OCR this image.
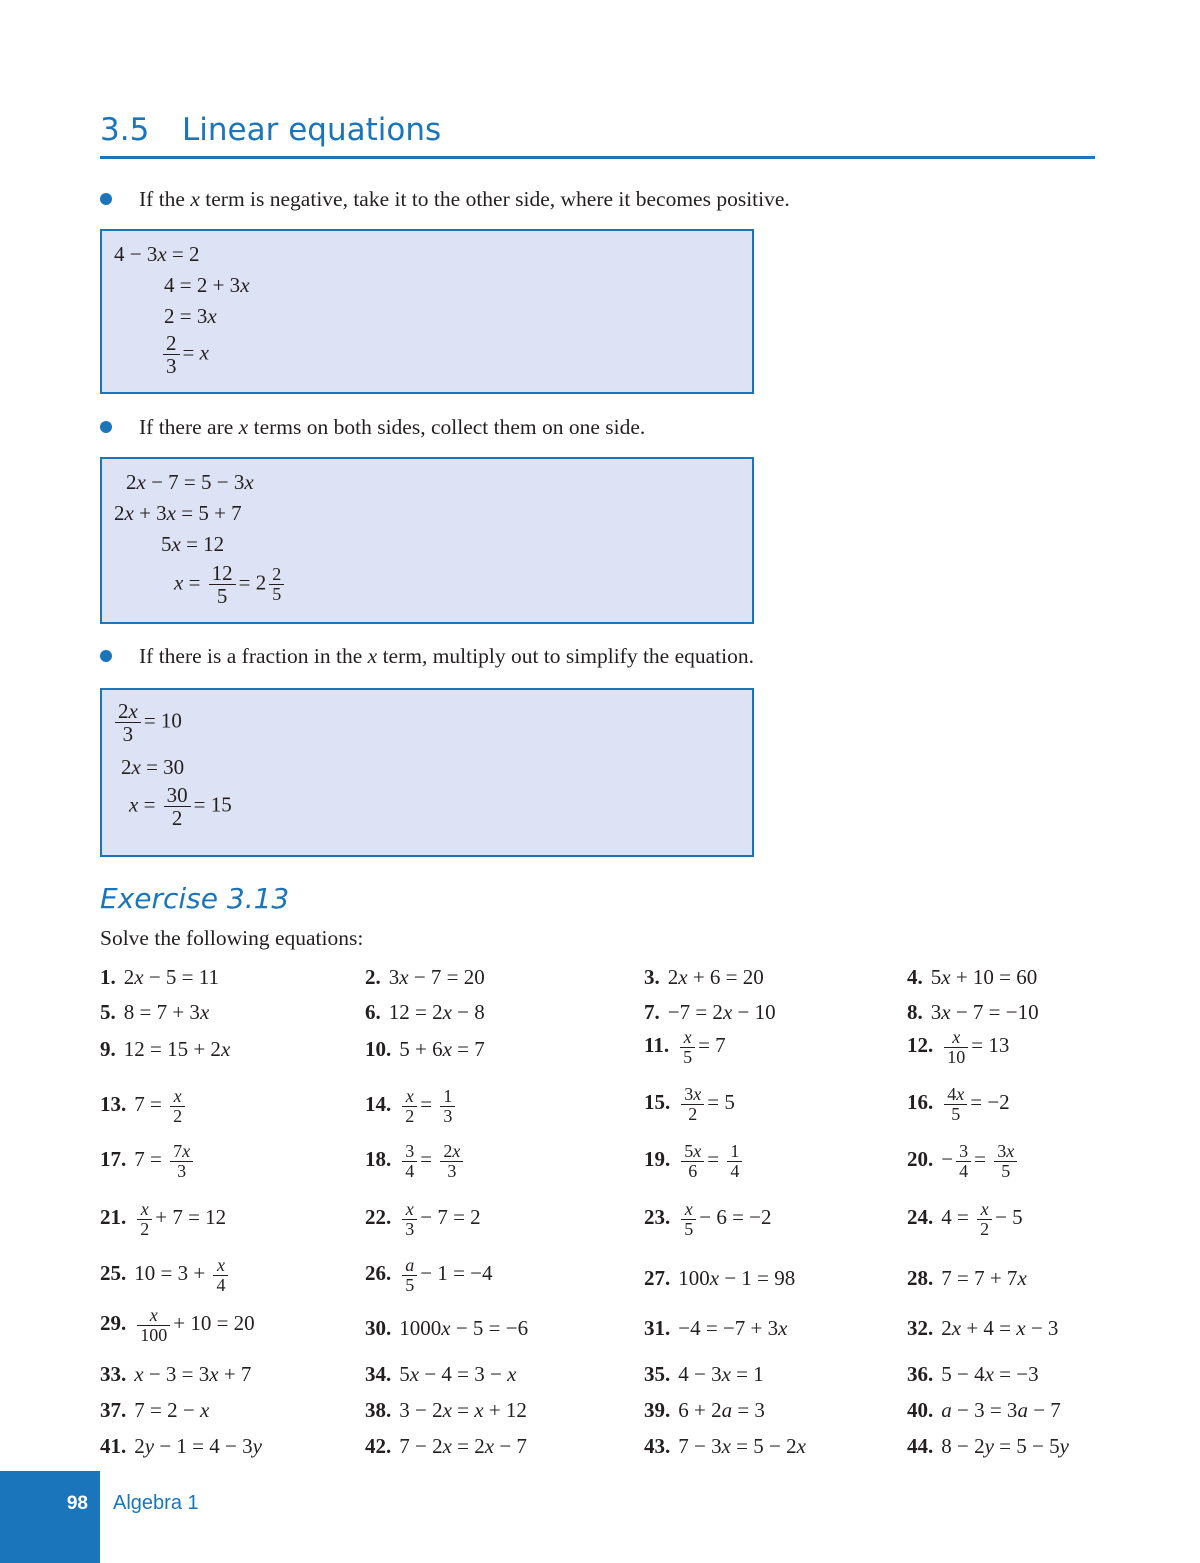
3.5 Linear equations
If the x term is negative, take it to the other side, where it becomes positive.
4 − 3x = 2
4 = 2 + 3x
2 = 3x
$\frac{2}{3} = x$
If there are x terms on both sides, collect them on one side.
2x − 7 = 5 − 3x
2x + 3x = 5 + 7
5x = 12
$x = \frac{12}{5} = 2 \frac{2}{5}$
If there is a fraction in the x term, multiply out to simplify the equation.
$\frac{2x}{3} = 10$
2x = 30
$x = \frac{30}{2} = 15$
Exercise 3.13
Solve the following equations:
1. 2x − 5 = 11	2. 3x − 7 = 20	3. 2x + 6 = 20	4. 5x + 10 = 60
5. 8 = 7 + 3x	6. 12 = 2x − 8	7. −7 = 2x − 10	8. 3x − 7 = −10
9. 12 = 15 + 2x	10. 5 + 6x = 7	11. $\frac{x}{5} = 7$	12. $\frac{x}{10} = 13$
13. $7 = \frac{x}{2}$	14. $\frac{x}{2} = \frac{1}{3}$	15. $\frac{3x}{2} = 5$	16. $\frac{4x}{5} = -2$
17. $7 = \frac{7x}{3}$	18. $\frac{3}{4} = \frac{2x}{3}$	19. $\frac{5x}{6} = \frac{1}{4}$	20. − $\frac{3}{4} = \frac{3x}{5}$
21. $\frac{x}{2} + 7 = 12$	22. $\frac{x}{3} - 7 = 2$	23. $\frac{x}{5} - 6 = -2$	24. $4 = \frac{x}{2} - 5$
25. $10 = 3 + \frac{x}{4}$	26. $\frac{a}{5} - 1 = -4$	27. 100x − 1 = 98	28. 7 = 7 + 7x
29. $\frac{x}{100} + 10 = 20$	30. 1000x − 5 = −6	31. −4 = −7 + 3x	32. 2x + 4 = x − 3
33. x − 3 = 3x + 7	34. 5x − 4 = 3 − x	35. 4 − 3x = 1	36. 5 − 4x = −3
37. 7 = 2 − x	38. 3 − 2x = x + 12	39. 6 + 2a = 3	40. a − 3 = 3a − 7
41. 2y − 1 = 4 − 3y	42. 7 − 2x = 2x − 7	43. 7 − 3x = 5 − 2x	44. 8 − 2y = 5 − 5y
98	Algebra 1
